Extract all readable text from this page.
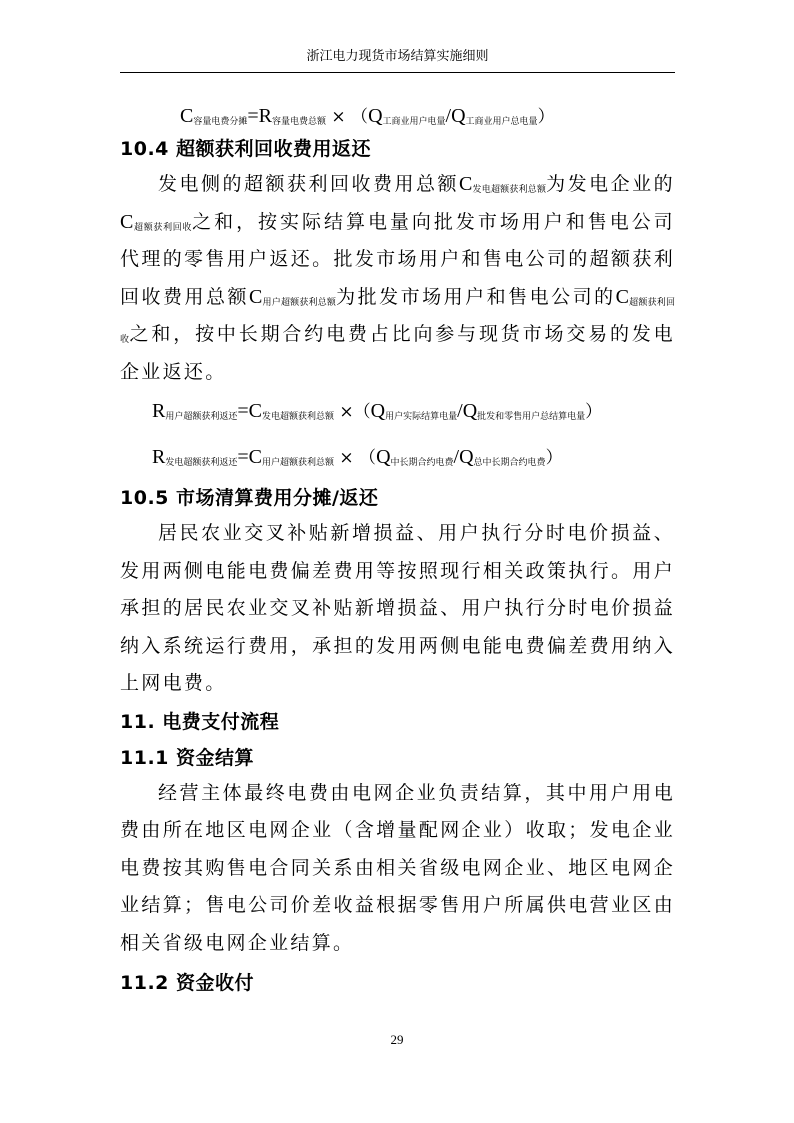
浙江电力现货市场结算实施细则
$C_{容量电费分摊}=R_{容量电费总额} \times (Q_{工商业用户电量}/Q_{工商业用户总电量})$
10.4 超额获利回收费用返还
发电侧的超额获利回收费用总额$C_{发电超额获利总额}$为发电企业的$C_{超额获利回收}$之和，按实际结算电量向批发市场用户和售电公司代理的零售用户返还。批发市场用户和售电公司的超额获利回收费用总额$C_{用户超额获利总额}$为批发市场用户和售电公司的$C_{超额获利回收}$之和，按中长期合约电费占比向参与现货市场交易的发电企业返还。
$R_{用户超额获利返还}=C_{发电超额获利总额} \times(Q_{用户实际结算电量}/Q_{批发和零售用户总结算电量})$
$R_{发电超额获利返还}=C_{用户超额获利总额} \times (Q_{中长期合约电费}/Q_{总中长期合约电费})$
10.5 市场清算费用分摊/返还
居民农业交叉补贴新增损益、用户执行分时电价损益、发用两侧电能电费偏差费用等按照现行相关政策执行。用户承担的居民农业交叉补贴新增损益、用户执行分时电价损益纳入系统运行费用，承担的发用两侧电能电费偏差费用纳入上网电费。
11. 电费支付流程
11.1 资金结算
经营主体最终电费由电网企业负责结算，其中用户用电费由所在地区电网企业（含增量配网企业）收取；发电企业电费按其购售电合同关系由相关省级电网企业、地区电网企业结算；售电公司价差收益根据零售用户所属供电营业区由相关省级电网企业结算。
11.2 资金收付
29
